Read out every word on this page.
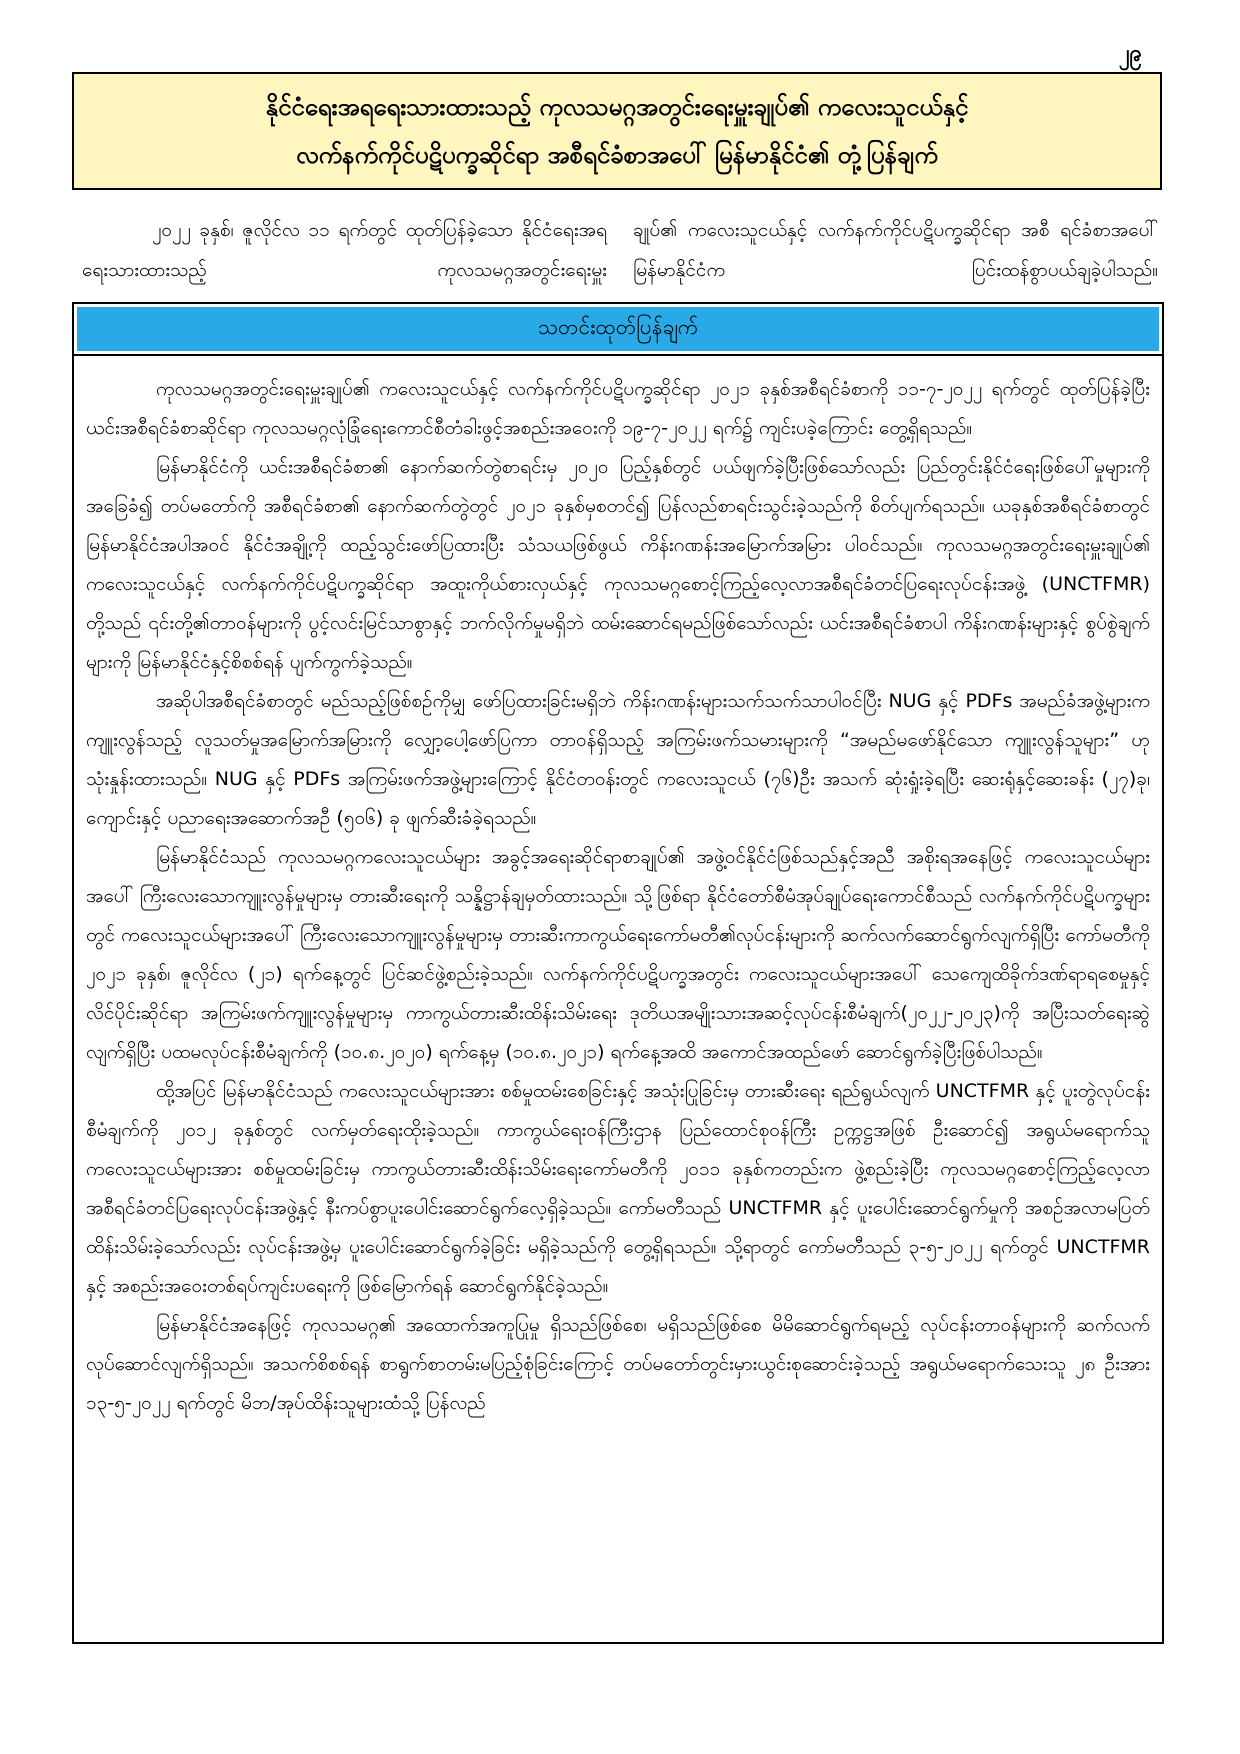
၂၉
နိုင်ငံရေးအရရေးသားထားသည့် ကုလသမဂ္ဂအတွင်းရေးမှူးချုပ်၏ ကလေးသူငယ်နှင့်
လက်နက်ကိုင်ပဋိပက္ခဆိုင်ရာ အစီရင်ခံစာအပေါ် မြန်မာနိုင်ငံ၏ တုံ့ပြန်ချက်

၂၀၂၂ ခုနှစ်၊ ဇူလိုင်လ ၁၁ ရက်တွင် ထုတ်ပြန်ခဲ့သော နိုင်ငံရေးအရရေးသားထားသည့် ကုလသမဂ္ဂအတွင်းရေးမှူး

ချုပ်၏ ကလေးသူငယ်နှင့် လက်နက်ကိုင်ပဋိပက္ခဆိုင်ရာ အစီ ရင်ခံစာအပေါ် မြန်မာနိုင်ငံက ပြင်းထန်စွာပယ်ချခဲ့ပါသည်။

သတင်းထုတ်ပြန်ချက်

ကုလသမဂ္ဂအတွင်းရေးမှူးချုပ်၏ ကလေးသူငယ်နှင့် လက်နက်ကိုင်ပဋိပက္ခဆိုင်ရာ ၂၀၂၁ ခုနှစ်အစီရင်ခံစာကို ၁၁-၇-၂၀၂၂ ရက်တွင် ထုတ်ပြန်ခဲ့ပြီး ယင်းအစီရင်ခံစာဆိုင်ရာ ကုလသမဂ္ဂလုံခြုံရေးကောင်စီတံခါးဖွင့်အစည်းအဝေးကို ၁၉-၇-၂၀၂၂ ရက်၌ ကျင်းပခဲ့ကြောင်း တွေ့ရှိရသည်။

မြန်မာနိုင်ငံကို ယင်းအစီရင်ခံစာ၏ နောက်ဆက်တွဲစာရင်းမှ ၂၀၂၀ ပြည့်နှစ်တွင် ပယ်ဖျက်ခဲ့ပြီးဖြစ်သော်လည်း ပြည်တွင်းနိုင်ငံရေးဖြစ်ပေါ်မှုများကိုအခြေခံ၍ တပ်မတော်ကို အစီရင်ခံစာ၏ နောက်ဆက်တွဲတွင် ၂၀၂၁ ခုနှစ်မှစတင်၍ ပြန်လည်စာရင်းသွင်းခဲ့သည်ကို စိတ်ပျက်ရသည်။ ယခုနှစ်အစီရင်ခံစာတွင် မြန်မာနိုင်ငံအပါအဝင် နိုင်ငံအချို့ကို ထည့်သွင်းဖော်ပြထားပြီး သံသယဖြစ်ဖွယ် ကိန်းဂဏန်းအမြောက်အမြား ပါဝင်သည်။ ကုလသမဂ္ဂအတွင်းရေးမှူးချုပ်၏ ကလေးသူငယ်နှင့် လက်နက်ကိုင်ပဋိပက္ခဆိုင်ရာ အထူးကိုယ်စားလှယ်နှင့် ကုလသမဂ္ဂစောင့်ကြည့်လေ့လာအစီရင်ခံတင်ပြရေးလုပ်ငန်းအဖွဲ့ (UNCTFMR) တို့သည် ၎င်းတို့၏တာဝန်များကို ပွင့်လင်းမြင်သာစွာနှင့် ဘက်လိုက်မှုမရှိဘဲ ထမ်းဆောင်ရမည်ဖြစ်သော်လည်း ယင်းအစီရင်ခံစာပါ ကိန်းဂဏန်းများနှင့် စွပ်စွဲချက်များကို မြန်မာနိုင်ငံနှင့်စိစစ်ရန် ပျက်ကွက်ခဲ့သည်။

အဆိုပါအစီရင်ခံစာတွင် မည်သည့်ဖြစ်စဉ်ကိုမျှ ဖော်ပြထားခြင်းမရှိဘဲ ကိန်းဂဏန်းများသက်သက်သာပါဝင်ပြီး NUG နှင့် PDFs အမည်ခံအဖွဲ့များက ကျူးလွန်သည့် လူသတ်မှုအမြောက်အမြားကို လျှော့ပေါ့ဖော်ပြကာ တာဝန်ရှိသည့် အကြမ်းဖက်သမားများကို “အမည်မဖော်နိုင်သော ကျူးလွန်သူများ” ဟု သုံးနှုန်းထားသည်။ NUG နှင့် PDFs အကြမ်းဖက်အဖွဲ့များကြောင့် နိုင်ငံတဝန်းတွင် ကလေးသူငယ် (၇၆)ဦး အသက် ဆုံးရှုံးခဲ့ရပြီး ဆေးရုံနှင့်ဆေးခန်း (၂၇)ခု၊ ကျောင်းနှင့် ပညာရေးအဆောက်အဦ (၅၀၆) ခု ဖျက်ဆီးခံခဲ့ရသည်။

မြန်မာနိုင်ငံသည် ကုလသမဂ္ဂကလေးသူငယ်များ အခွင့်အရေးဆိုင်ရာစာချုပ်၏ အဖွဲ့ဝင်နိုင်ငံဖြစ်သည်နှင့်အညီ အစိုးရအနေဖြင့် ကလေးသူငယ်များအပေါ် ကြီးလေးသောကျူးလွန်မှုများမှ တားဆီးရေးကို သန္နိဋ္ဌာန်ချမှတ်ထားသည်။ သို့ဖြစ်ရာ နိုင်ငံတော်စီမံအုပ်ချုပ်ရေးကောင်စီသည် လက်နက်ကိုင်ပဋိပက္ခများတွင် ကလေးသူငယ်များအပေါ် ကြီးလေးသောကျူးလွန်မှုများမှ တားဆီးကာကွယ်ရေးကော်မတီ၏လုပ်ငန်းများကို ဆက်လက်ဆောင်ရွက်လျက်ရှိပြီး ကော်မတီကို ၂၀၂၁ ခုနှစ်၊ ဇူလိုင်လ (၂၁) ရက်နေ့တွင် ပြင်ဆင်ဖွဲ့စည်းခဲ့သည်။ လက်နက်ကိုင်ပဋိပက္ခအတွင်း ကလေးသူငယ်များအပေါ် သေကျေထိခိုက်ဒဏ်ရာရစေမှုနှင့် လိင်ပိုင်းဆိုင်ရာ အကြမ်းဖက်ကျူးလွန်မှုများမှ ကာကွယ်တားဆီးထိန်းသိမ်းရေး ဒုတိယအမျိုးသားအဆင့်လုပ်ငန်းစီမံချက်(၂၀၂၂-၂၀၂၃)ကို အပြီးသတ်ရေးဆွဲလျက်ရှိပြီး ပထမလုပ်ငန်းစီမံချက်ကို (၁၀.၈.၂၀၂၀) ရက်နေ့မှ (၁၀.၈.၂၀၂၁) ရက်နေ့အထိ အကောင်အထည်ဖော် ဆောင်ရွက်ခဲ့ပြီးဖြစ်ပါသည်။

ထို့အပြင် မြန်မာနိုင်ငံသည် ကလေးသူငယ်များအား စစ်မှုထမ်းစေခြင်းနှင့် အသုံးပြုခြင်းမှ တားဆီးရေး ရည်ရွယ်လျက် UNCTFMR နှင့် ပူးတွဲလုပ်ငန်းစီမံချက်ကို ၂၀၁၂ ခုနှစ်တွင် လက်မှတ်ရေးထိုးခဲ့သည်။ ကာကွယ်ရေးဝန်ကြီးဌာန ပြည်ထောင်စုဝန်ကြီး ဥက္ကဋ္ဌအဖြစ် ဦးဆောင်၍ အရွယ်မရောက်သူ ကလေးသူငယ်များအား စစ်မှုထမ်းခြင်းမှ ကာကွယ်တားဆီးထိန်းသိမ်းရေးကော်မတီကို ၂၀၁၁ ခုနှစ်ကတည်းက ဖွဲ့စည်းခဲ့ပြီး ကုလသမဂ္ဂစောင့်ကြည့်လေ့လာ အစီရင်ခံတင်ပြရေးလုပ်ငန်းအဖွဲ့နှင့် နီးကပ်စွာပူးပေါင်းဆောင်ရွက်လေ့ရှိခဲ့သည်။ ကော်မတီသည် UNCTFMR နှင့် ပူးပေါင်းဆောင်ရွက်မှုကို အစဉ်အလာမပြတ် ထိန်းသိမ်းခဲ့သော်လည်း လုပ်ငန်းအဖွဲ့မှ ပူးပေါင်းဆောင်ရွက်ခဲ့ခြင်း မရှိခဲ့သည်ကို တွေ့ရှိရသည်။ သို့ရာတွင် ကော်မတီသည် ၃-၅-၂၀၂၂ ရက်တွင် UNCTFMR နှင့် အစည်းအဝေးတစ်ရပ်ကျင်းပရေးကို ဖြစ်မြောက်ရန် ဆောင်ရွက်နိုင်ခဲ့သည်။

မြန်မာနိုင်ငံအနေဖြင့် ကုလသမဂ္ဂ၏ အထောက်အကူပြုမှု ရှိသည်ဖြစ်စေ၊ မရှိသည်ဖြစ်စေ မိမိဆောင်ရွက်ရမည့် လုပ်ငန်းတာဝန်များကို ဆက်လက်လုပ်ဆောင်လျက်ရှိသည်။ အသက်စိစစ်ရန် စာရွက်စာတမ်းမပြည့်စုံခြင်းကြောင့် တပ်မတော်တွင်းမှားယွင်းစုဆောင်းခဲ့သည့် အရွယ်မရောက်သေးသူ ၂၈ ဦးအား ၁၃-၅-၂၀၂၂ ရက်တွင် မိဘ/အုပ်ထိန်းသူများထံသို့ ပြန်လည်
